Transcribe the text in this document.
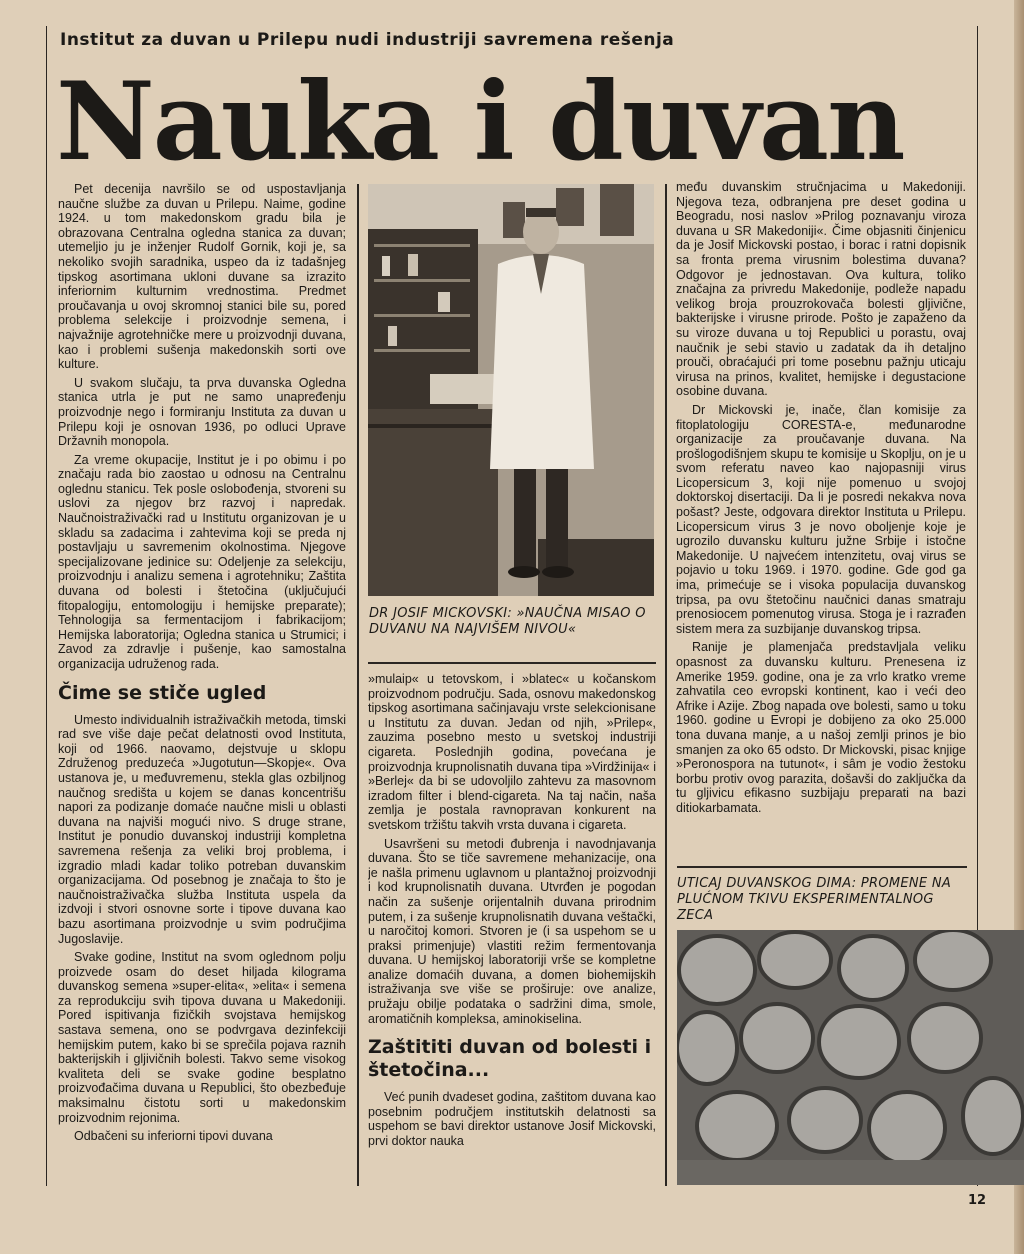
Institut za duvan u Prilepu nudi industriji savremena rešenja
Nauka i duvan

Pet decenija navršilo se od uspostavljanja naučne službe za duvan u Prilepu. Naime, godine 1924. u tom makedonskom gradu bila je obrazovana Centralna ogledna stanica za duvan; utemeljio ju je inženjer Rudolf Gornik, koji je, sa nekoliko svojih saradnika, uspeo da iz tadašnjeg tipskog asortimana ukloni duvane sa izrazito inferiornim kulturnim vrednostima. Predmet proučavanja u ovoj skromnoj stanici bile su, pored problema selekcije i proizvodnje semena, i najvažnije agrotehničke mere u proizvodnji duvana, kao i problemi sušenja makedonskih sorti ove kulture.

U svakom slučaju, ta prva duvanska Ogledna stanica utrla je put ne samo unapređenju proizvodnje nego i formiranju Instituta za duvan u Prilepu koji je osnovan 1936, po odluci Uprave Državnih monopola.

Za vreme okupacije, Institut je i po obimu i po značaju rada bio zaostao u odnosu na Centralnu oglednu stanicu. Tek posle oslobođenja, stvoreni su uslovi za njegov brz razvoj i napredak. Naučnoistraživački rad u Institutu organizovan je u skladu sa zadacima i zahtevima koji se preda nj postavljaju u savremenim okolnostima. Njegove specijalizovane jedinice su: Odeljenje za selekciju, proizvodnju i analizu semena i agrotehniku; Zaštita duvana od bolesti i štetočina (uključujući fitopalogiju, entomologiju i hemijske preparate); Tehnologija sa fermentacijom i fabrikacijom; Hemijska laboratorija; Ogledna stanica u Strumici; i Zavod za zdravlje i pušenje, kao samostalna organizacija udruženog rada.

Čime se stiče ugled

Umesto individualnih istraživačkih metoda, timski rad sve više daje pečat delatnosti ovod Instituta, koji od 1966. naovamo, dejstvuje u sklopu Združenog preduzeća »Jugotutun—Skopje«. Ova ustanova je, u međuvremenu, stekla glas ozbiljnog naučnog središta u kojem se danas koncentrišu napori za podizanje domaće naučne misli u oblasti duvana na najviši mogući nivo. S druge strane, Institut je ponudio duvanskoj industriji kompletna savremena rešenja za veliki broj problema, i izgradio mladi kadar toliko potreban duvanskim organizacijama. Od posebnog je značaja to što je naučnoistraživačka služba Instituta uspela da izdvoji i stvori osnovne sorte i tipove duvana kao bazu asortimana proizvodnje u svim područjima Jugoslavije.

Svake godine, Institut na svom oglednom polju proizvede osam do deset hiljada kilograma duvanskog semena »super-elita«, »elita« i semena za reprodukciju svih tipova duvana u Makedoniji. Pored ispitivanja fizičkih svojstava hemijskog sastava semena, ono se podvrgava dezinfekciji hemijskim putem, kako bi se sprečila pojava raznih bakterijskih i gljivičnih bolesti. Takvo seme visokog kvaliteta deli se svake godine besplatno proizvođačima duvana u Republici, što obezbeđuje maksimalnu čistotu sorti u makedonskim proizvodnim rejonima.

Odbačeni su inferiorni tipovi duvana

DR JOSIF MICKOVSKI: »NAUČNA MISAO O DUVANU NA NAJVIŠEM NIVOU«

»mulaip« u tetovskom, i »blatec« u kočanskom proizvodnom području. Sada, osnovu makedonskog tipskog asortimana sačinjavaju vrste selekcionisane u Institutu za duvan. Jedan od njih, »Prilep«, zauzima posebno mesto u svetskoj industriji cigareta. Poslednjih godina, povećana je proizvodnja krupnolisnatih duvana tipa »Virdžinija« i »Berlej« da bi se udovoljilo zahtevu za masovnom izradom filter i blend-cigareta. Na taj način, naša zemlja je postala ravnopravan konkurent na svetskom tržištu takvih vrsta duvana i cigareta.

Usavršeni su metodi đubrenja i navodnjavanja duvana. Što se tiče savremene mehanizacije, ona je našla primenu uglavnom u plantažnoj proizvodnji i kod krupnolisnatih duvana. Utvrđen je pogodan način za sušenje orijentalnih duvana prirodnim putem, i za sušenje krupnolisnatih duvana veštački, u naročitoj komori. Stvoren je (i sa uspehom se u praksi primenjuje) vlastiti režim fermentovanja duvana. U hemijskoj laboratoriji vrše se kompletne analize domaćih duvana, a domen biohemijskih istraživanja sve više se proširuje: ove analize, pružaju obilje podataka o sadržini dima, smole, aromatičnih kompleksa, aminokiselina.

Zaštititi duvan od bolesti i štetočina...

Već punih dvadeset godina, zaštitom duvana kao posebnim područjem institutskih delatnosti sa uspehom se bavi direktor ustanove Josif Mickovski, prvi doktor nauka

među duvanskim stručnjacima u Makedoniji. Njegova teza, odbranjena pre deset godina u Beogradu, nosi naslov »Prilog poznavanju viroza duvana u SR Makedoniji«. Čime objasniti činjenicu da je Josif Mickovski postao, i borac i ratni dopisnik sa fronta prema virusnim bolestima duvana? Odgovor je jednostavan. Ova kultura, toliko značajna za privredu Makedonije, podleže napadu velikog broja prouzrokovača bolesti gljivične, bakterijske i virusne prirode. Pošto je zapaženo da su viroze duvana u toj Republici u porastu, ovaj naučnik je sebi stavio u zadatak da ih detaljno prouči, obraćajući pri tome posebnu pažnju uticaju virusa na prinos, kvalitet, hemijske i degustacione osobine duvana.

Dr Mickovski je, inače, član komisije za fitoplatologiju CORESTA-e, međunarodne organizacije za proučavanje duvana. Na prošlogodišnjem skupu te komisije u Skoplju, on je u svom referatu naveo kao najopasniji virus Licopersicum 3, koji nije pomenuo u svojoj doktorskoj disertaciji. Da li je posredi nekakva nova pošast? Jeste, odgovara direktor Instituta u Prilepu. Licopersicum virus 3 je novo oboljenje koje je ugrozilo duvansku kulturu južne Srbije i istočne Makedonije. U najvećem intenzitetu, ovaj virus se pojavio u toku 1969. i 1970. godine. Gde god ga ima, primećuje se i visoka populacija duvanskog tripsa, pa ovu štetočinu naučnici danas smatraju prenosiocem pomenutog virusa. Stoga je i razrađen sistem mera za suzbijanje duvanskog tripsa.

Ranije je plamenjača predstavljala veliku opasnost za duvansku kulturu. Prenesena iz Amerike 1959. godine, ona je za vrlo kratko vreme zahvatila ceo evropski kontinent, kao i veći deo Afrike i Azije. Zbog napada ove bolesti, samo u toku 1960. godine u Evropi je dobijeno za oko 25.000 tona duvana manje, a u našoj zemlji prinos je bio smanjen za oko 65 odsto. Dr Mickovski, pisac knjige »Peronospora na tutunot«, i sâm je vodio žestoku borbu protiv ovog parazita, došavši do zaključka da tu gljivicu efikasno suzbijaju preparati na bazi ditiokarbamata.

UTICAJ DUVANSKOG DIMA: PROMENE NA PLUĆNOM TKIVU EKSPERIMENTALNOG ZECA
12
